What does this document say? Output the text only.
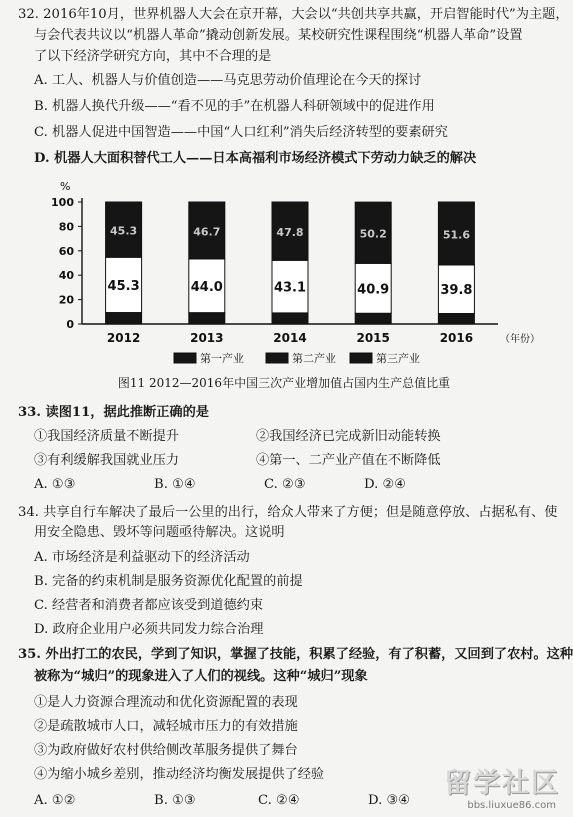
32. 2016年10月，世界机器人大会在京开幕，大会以“共创共享共赢，开启智能时代”为主题，
与会代表共议以“机器人革命”撬动创新发展。某校研究性课程围绕“机器人革命”设置
了以下经济学研究方向，其中不合理的是
A. 工人、机器人与价值创造——马克思劳动价值理论在今天的探讨
B. 机器人换代升级——“看不见的手”在机器人科研领域中的促进作用
C. 机器人促进中国智造——中国“人口红利”消失后经济转型的要素研究
D. 机器人大面积替代工人——日本高福利市场经济模式下劳动力缺乏的解决
%
0
20
40
60
80
100
45.3
45.3
2012
44.0
46.7
2013
43.1
47.8
2014
40.9
50.2
2015
39.8
51.6
2016	（年份）
第一产业	第二产业	第三产业
图11 2012—2016年中国三次产业增加值占国内生产总值比重
33. 读图11，据此推断正确的是
①我国经济质量不断提升	②我国经济已完成新旧动能转换
③有利缓解我国就业压力	④第一、二产业产值在不断降低
A. ①③	B. ①④	C. ②③	D. ②④
34. 共享自行车解决了最后一公里的出行，给众人带来了方便；但是随意停放、占据私有、使
用安全隐患、毁坏等问题亟待解决。这说明
A. 市场经济是利益驱动下的经济活动
B. 完备的约束机制是服务资源优化配置的前提
C. 经营者和消费者都应该受到道德约束
D. 政府企业用户必须共同发力综合治理
35. 外出打工的农民，学到了知识，掌握了技能，积累了经验，有了积蓄，又回到了农村。这种
被称为“城归”的现象进入了人们的视线。这种“城归”现象
①是人力资源合理流动和优化资源配置的表现
②是疏散城市人口，减轻城市压力的有效措施
③为政府做好农村供给侧改革服务提供了舞台
④为缩小城乡差别，推动经济均衡发展提供了经验
A. ①②	B. ①③	C. ②④	D. ③④
留学社区
bbs.liuxue86.com
